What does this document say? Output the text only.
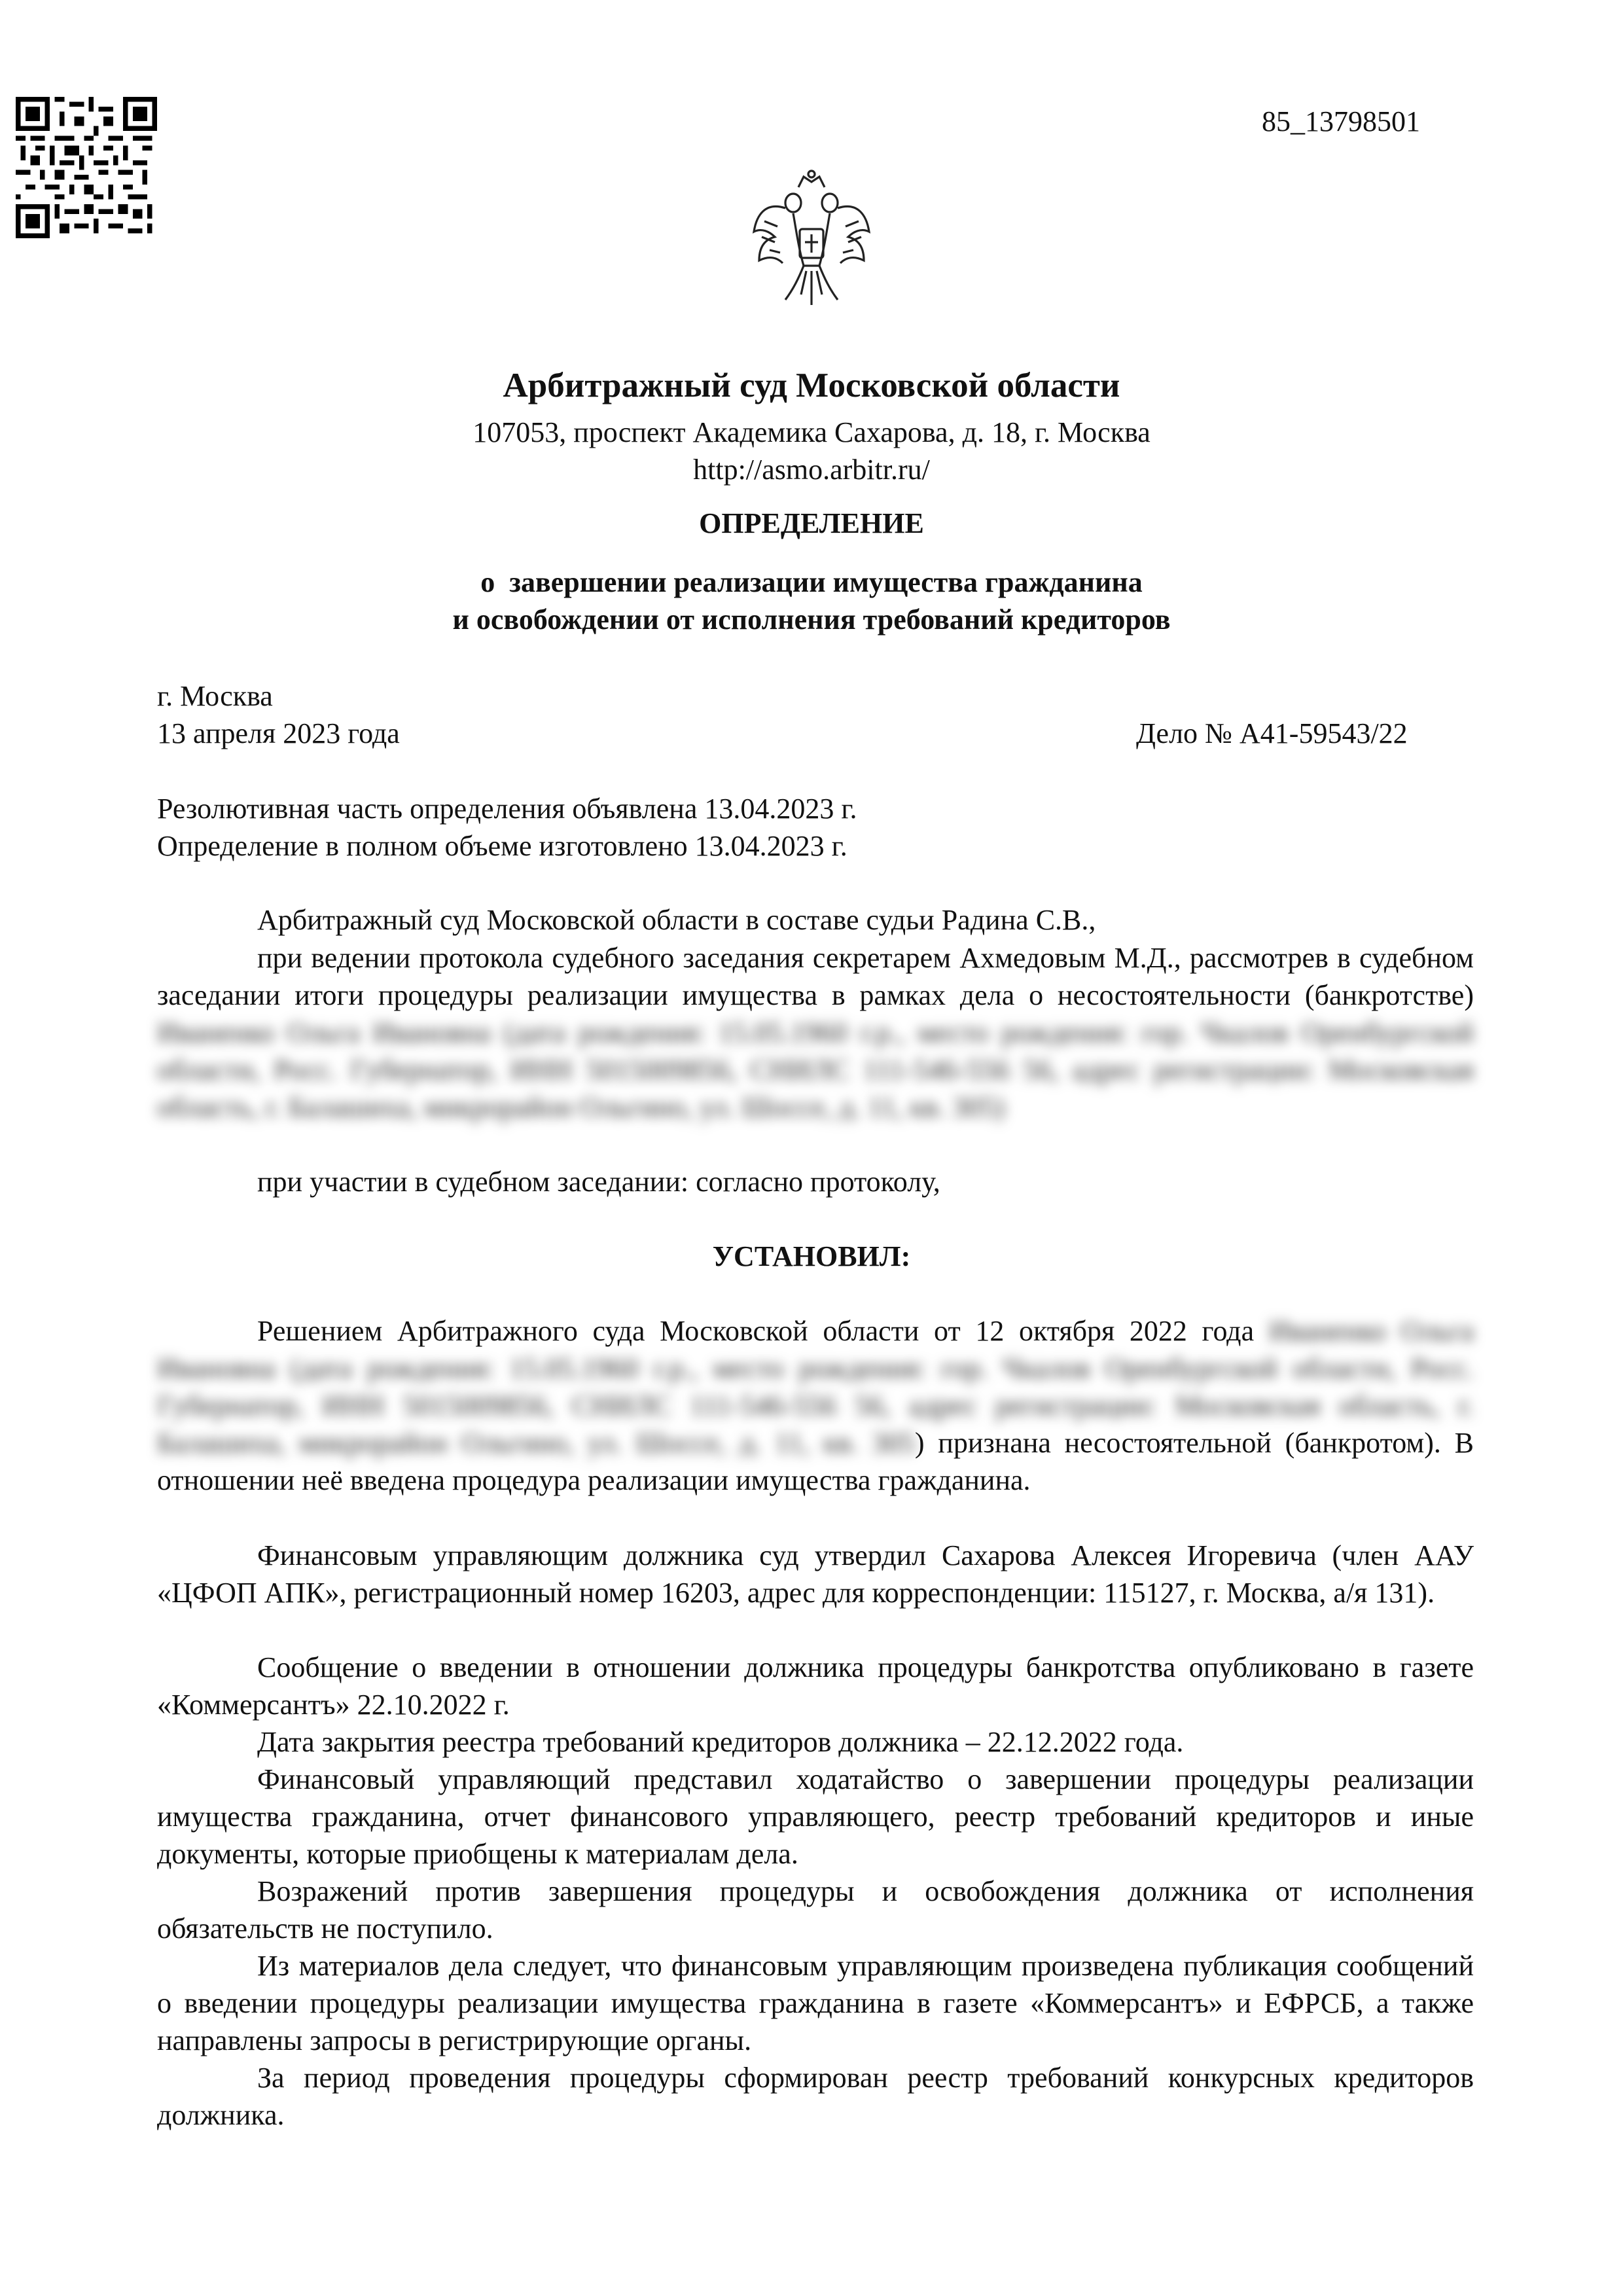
85_13798501
Арбитражный суд Московской области
107053, проспект Академика Сахарова, д. 18, г. Москва
http://asmo.arbitr.ru/
ОПРЕДЕЛЕНИЕ
о  завершении реализации имущества гражданина
и освобождении от исполнения требований кредиторов
г. Москва
13 апреля 2023 года	Дело № А41-59543/22
Резолютивная часть определения объявлена 13.04.2023 г.
Определение в полном объеме изготовлено 13.04.2023 г.
Арбитражный суд Московской области в составе судьи Радина С.В.,
при ведении протокола судебного заседания секретарем Ахмедовым М.Д., рассмотрев в судебном заседании итоги процедуры реализации имущества в рамках дела о несостоятельности (банкротстве) Иваненко Ольга Ивановна (дата рождения: 15.05.1960 г.р., место рождения: гор. Чкалов Оренбургской области, Росс. Губернатор, ИНН 5015009856, СНИЛС 111-546-556 56, адрес регистрации: Московская область, г. Балашиха, микрорайон Ольгино, ул. Шоссе, д. 11, кв. 305)
при участии в судебном заседании: согласно протоколу,
УСТАНОВИЛ:
Решением Арбитражного суда Московской области от 12 октября 2022 года Иваненко Ольга Ивановна (дата рождения: 15.05.1960 г.р., место рождения: гор. Чкалов Оренбургской области, Росс. Губернатор, ИНН 5015009856, СНИЛС 111-546-556 56, адрес регистрации: Московская область, г. Балашиха, микрорайон Ольгино, ул. Шоссе, д. 11, кв. 305) признана несостоятельной (банкротом). В отношении неё введена процедура реализации имущества гражданина.
Финансовым управляющим должника суд утвердил Сахарова Алексея Игоревича (член ААУ «ЦФОП АПК», регистрационный номер 16203, адрес для корреспонденции: 115127, г. Москва, а/я 131).
Сообщение о введении в отношении должника процедуры банкротства опубликовано в газете «Коммерсантъ» 22.10.2022 г.
Дата закрытия реестра требований кредиторов должника – 22.12.2022 года.
Финансовый управляющий представил ходатайство о завершении процедуры реализации имущества гражданина, отчет финансового управляющего, реестр требований кредиторов и иные документы, которые приобщены к материалам дела.
Возражений против завершения процедуры и освобождения должника от исполнения обязательств не поступило.
Из материалов дела следует, что финансовым управляющим произведена публикация сообщений о введении процедуры реализации имущества гражданина в газете «Коммерсантъ» и ЕФРСБ, а также направлены запросы в регистрирующие органы.
За период проведения процедуры сформирован реестр требований конкурсных кредиторов должника.
